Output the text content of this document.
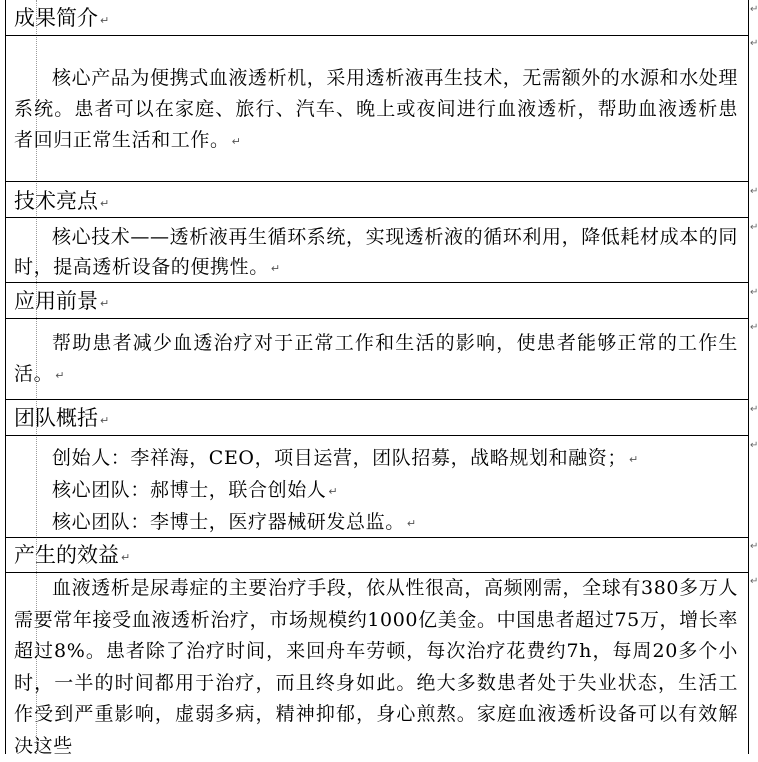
成果简介 ↵

核心产品为便携式血液透析机，采用透析液再生技术，无需额外的水源和水处理系统。患者可以在家庭、旅行、汽车、晚上或夜间进行血液透析，帮助血液透析患者回归正常生活和工作。 ↵

技术亮点 ↵

核心技术——透析液再生循环系统，实现透析液的循环利用，降低耗材成本的同时，提高透析设备的便携性。 ↵

应用前景 ↵

帮助患者减少血透治疗对于正常工作和生活的影响，使患者能够正常的工作生活。 ↵

团队概括 ↵

创始人：李祥海，CEO，项目运营，团队招募，战略规划和融资； ↵

核心团队：郝博士，联合创始人 ↵

核心团队：李博士，医疗器械研发总监。 ↵

产生的效益 ↵

血液透析是尿毒症的主要治疗手段，依从性很高，高频刚需，全球有380多万人需要常年接受血液透析治疗，市场规模约1000亿美金。中国患者超过75万，增长率超过8%。患者除了治疗时间，来回舟车劳顿，每次治疗花费约7h，每周20多个小时，一半的时间都用于治疗，而且终身如此。绝大多数患者处于失业状态，生活工作受到严重影响，虚弱多病，精神抑郁，身心煎熬。家庭血液透析设备可以有效解决这些

↵
↵
↵
↵
↵
↵
↵
↵
↵
↵
